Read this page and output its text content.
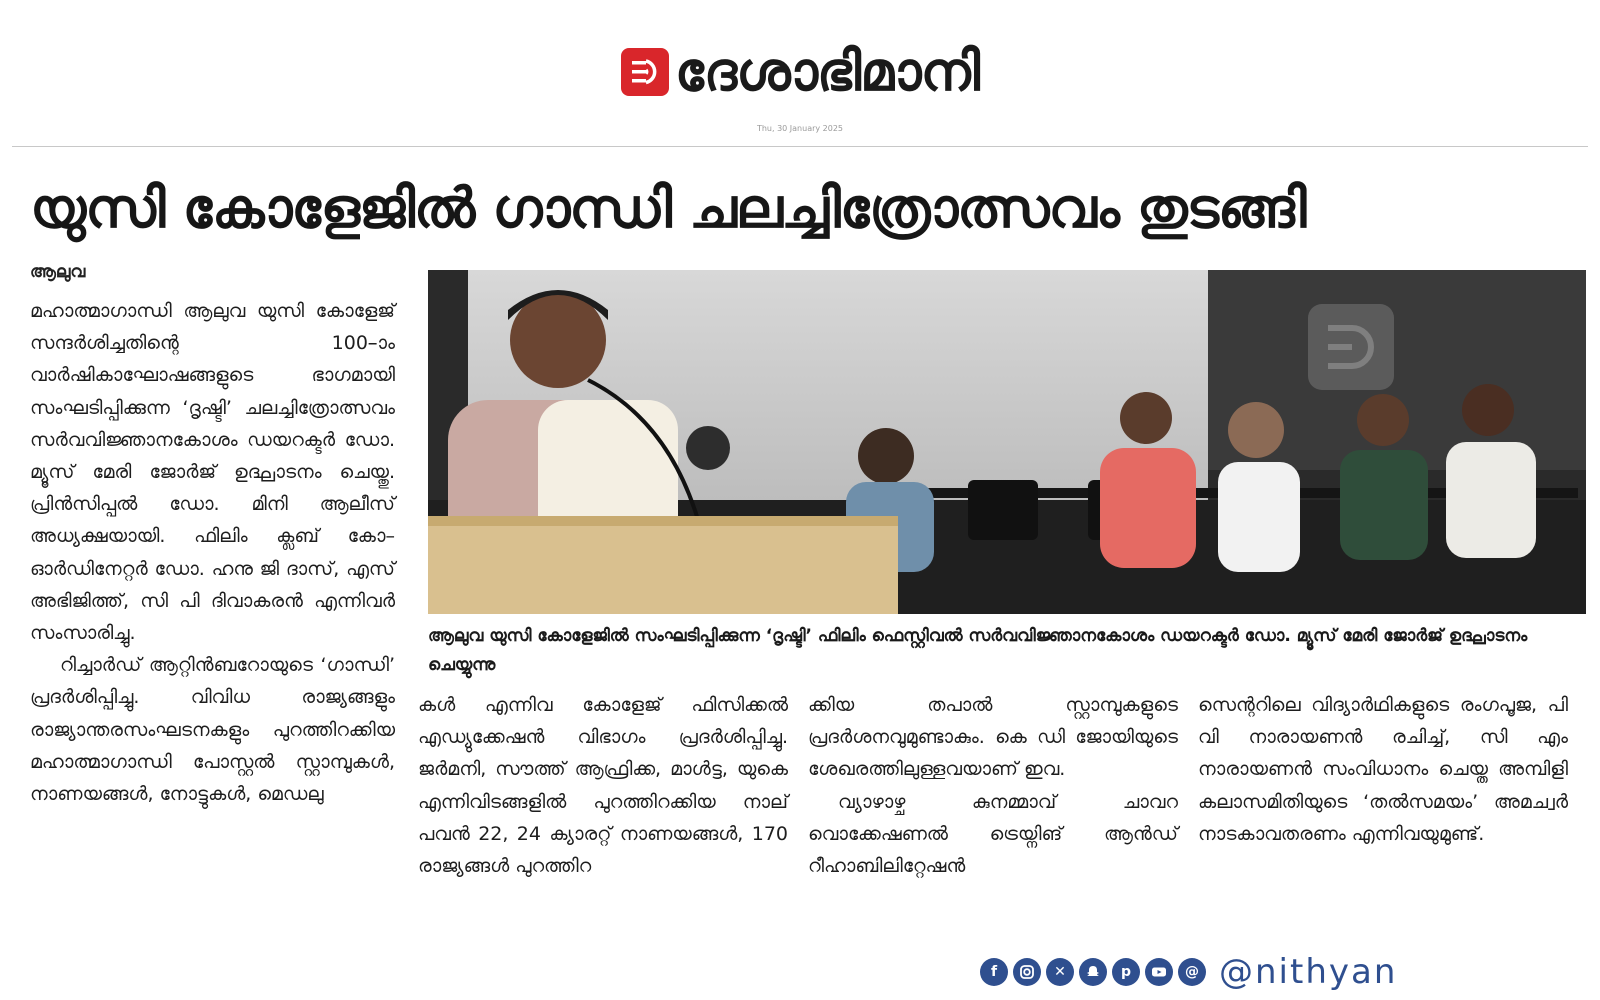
ദേശാഭിമാനി
Thu, 30 January 2025
യുസി കോളേജിൽ ഗാന്ധി ചലച്ചിത്രോത്സവം തുടങ്ങി
ആലുവ

മഹാത്മാഗാന്ധി ആലുവ യുസി കോളേജ് സന്ദർശിച്ചതിന്റെ 100–ാം വാർഷികാഘോഷങ്ങളുടെ ഭാഗമായി സംഘടിപ്പിക്കുന്ന ‘ദൃഷ്ടി’ ചലച്ചിത്രോത്സവം സർവവിജ്ഞാനകോശം ഡയറക്ടർ ഡോ. മ്യൂസ് മേരി ജോർജ് ഉദ്ഘാടനം ചെയ്തു. പ്രിൻസിപ്പൽ ഡോ. മിനി ആലീസ് അധ്യക്ഷയായി. ഫിലിം ക്ലബ് കോ–ഓർഡിനേറ്റർ ഡോ. ഹനു ജി ദാസ്, എസ് അഭിജിത്ത്, സി പി ദിവാകരൻ എന്നിവർ സംസാരിച്ചു.

റിച്ചാർഡ് ആറ്റിൻബറോയുടെ ‘ഗാന്ധി’ പ്രദർശിപ്പിച്ചു. വിവിധ രാജ്യങ്ങളും രാജ്യാന്തരസംഘടനകളും പുറത്തിറക്കിയ മഹാത്മാഗാന്ധി പോസ്റ്റൽ സ്റ്റാമ്പുകൾ, നാണയങ്ങൾ, നോട്ടുകൾ, മെഡലു

ആലുവ യുസി കോളേജിൽ സംഘടിപ്പിക്കുന്ന ‘ദൃഷ്ടി’ ഫിലിം ഫെസ്റ്റിവൽ സർവവിജ്ഞാനകോശം ഡയറക്ടർ ഡോ. മ്യൂസ് മേരി ജോർജ് ഉദ്ഘാടനം ചെയ്യുന്നു

കൾ എന്നിവ കോളേജ് ഫിസിക്കൽ എഡ്യുക്കേഷൻ വിഭാഗം പ്രദർശിപ്പിച്ചു. ജർമനി, സൗത്ത് ആഫ്രിക്ക, മാൾട്ട, യുകെ എന്നിവിടങ്ങളിൽ പുറത്തിറക്കിയ നാല് പവൻ 22, 24 ക്യാരറ്റ് നാണയങ്ങൾ, 170 രാജ്യങ്ങൾ പുറത്തിറ

ക്കിയ തപാൽ സ്റ്റാമ്പുകളുടെ പ്രദർശനവുമുണ്ടാകും. കെ ഡി ജോയിയുടെ ശേഖരത്തിലുള്ളവയാണ് ഇവ.

വ്യാഴാഴ്ച കുനമ്മാവ് ചാവറ വൊക്കേഷണൽ ട്രെയ്നിങ് ആൻഡ് റീഹാബിലിറ്റേഷൻ

സെന്ററിലെ വിദ്യാർഥികളുടെ രംഗപൂജ, പി വി നാരായണൻ രചിച്ച്, സി എം നാരായണൻ സംവിധാനം ചെയ്ത അമ്പിളി കലാസമിതിയുടെ ‘തൽസമയം’ അമച്വർ നാടകാവതരണം എന്നിവയുമുണ്ട്.

f	✕	p	@ @nithyan
